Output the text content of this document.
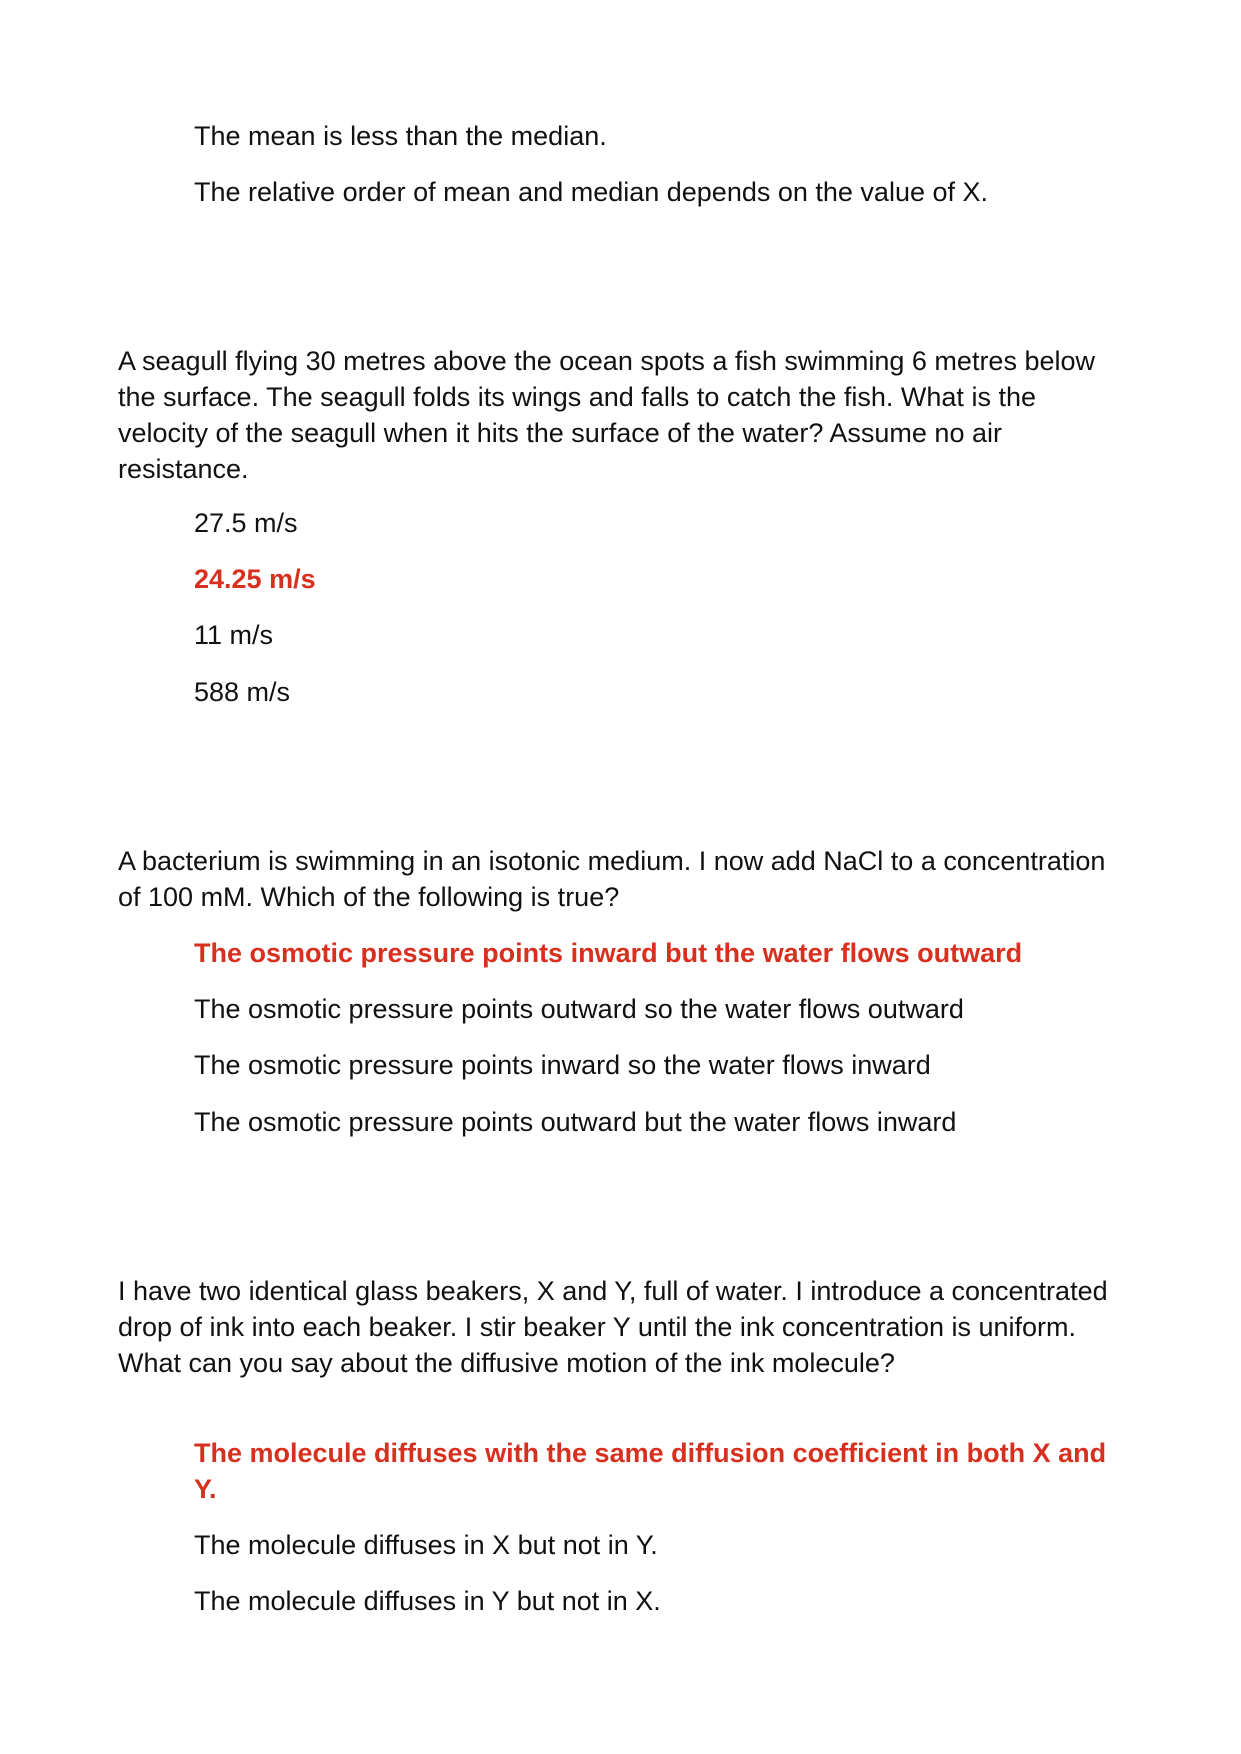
The mean is less than the median.
The relative order of mean and median depends on the value of X.
A seagull flying 30 metres above the ocean spots a fish swimming 6 metres below the surface. The seagull folds its wings and falls to catch the fish. What is the velocity of the seagull when it hits the surface of the water? Assume no air resistance.
27.5 m/s
24.25 m/s
11 m/s
588 m/s
A bacterium is swimming in an isotonic medium. I now add NaCl to a concentration of 100 mM. Which of the following is true?
The osmotic pressure points inward but the water flows outward
The osmotic pressure points outward so the water flows outward
The osmotic pressure points inward so the water flows inward
The osmotic pressure points outward but the water flows inward
I have two identical glass beakers, X and Y, full of water. I introduce a concentrated drop of ink into each beaker. I stir beaker Y until the ink concentration is uniform. What can you say about the diffusive motion of the ink molecule?
The molecule diffuses with the same diffusion coefficient in both X and Y.
The molecule diffuses in X but not in Y.
The molecule diffuses in Y but not in X.
